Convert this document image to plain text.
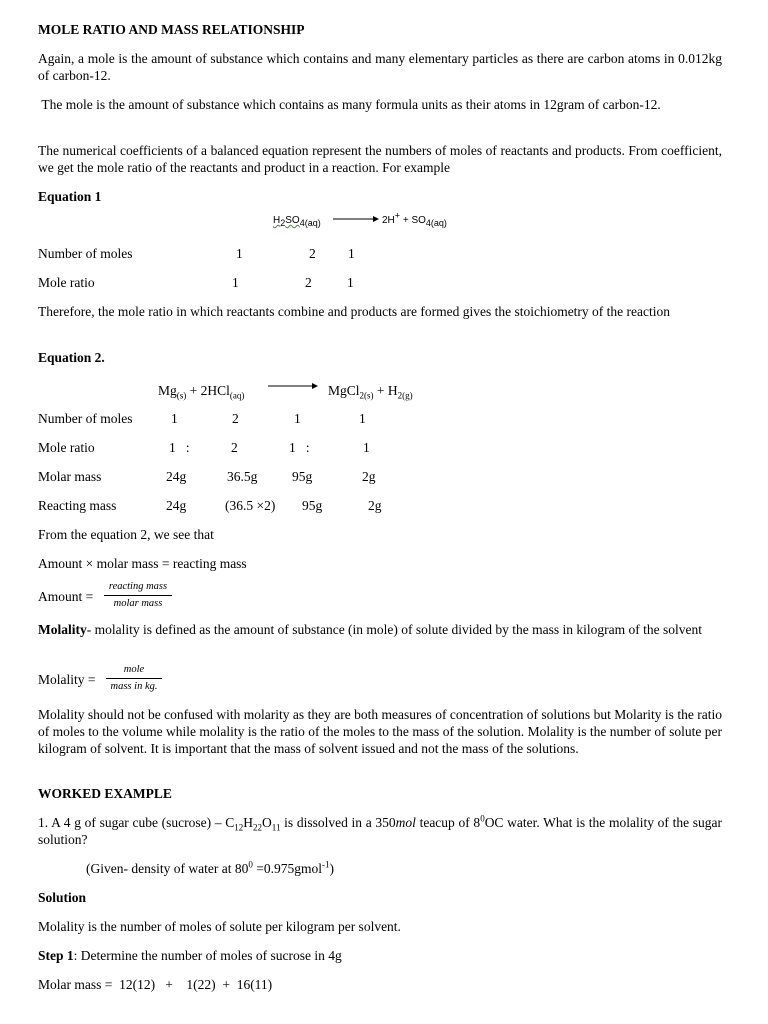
MOLE RATIO AND MASS RELATIONSHIP
Again, a mole is the amount of substance which contains and many elementary particles as there are carbon atoms in 0.012kg of carbon-12.
The mole is the amount of substance which contains as many formula units as their atoms in 12gram of carbon-12.
The numerical coefficients of a balanced equation represent the numbers of moles of reactants and products. From coefficient, we get the mole ratio of the reactants and product in a reaction. For example
Equation 1
$H_2SO_{4(aq)}$	$2H^+ + SO_{4(aq)}$
Number of moles	1	2 1
Mole ratio	1	2	1
Therefore, the mole ratio in which reactants combine and products are formed gives the stoichiometry of the reaction
Equation 2.
$Mg_{(s)} + 2HCl_{(aq)}$	MgCl$_{2(s)}$ + $H_{2(g)}$
Number of moles	1	2	1	1
Mole ratio	1   :	2	1   :	1
Molar mass	24g	36.5g	95g	2g
Reacting mass	24g	(36.5 ×2) 95g	2g
From the equation 2, we see that
Amount × molar mass = reacting mass
Amount =
reacting mass
molar mass
Molality- molality is defined as the amount of substance (in mole) of solute divided by the mass in kilogram of the solvent
Molality =
mole
mass in kg.
Molality should not be confused with molarity as they are both measures of concentration of solutions but Molarity is the ratio of moles to the volume while molality is the ratio of the moles to the mass of the solution. Molality is the number of solute per kilogram of solvent. It is important that the mass of solvent issued and not the mass of the solutions.
WORKED EXAMPLE
1. A 4 g of sugar cube (sucrose) – $C_{12}H_{22}O_{11}$ is dissolved in a 350mol teacup of $8^0OC$ water. What is the molality of the sugar solution?
(Given- density of water at $80^0$ =0.975gmol$^{-1}$)
Solution
Molality is the number of moles of solute per kilogram per solvent.
Step 1: Determine the number of moles of sucrose in 4g
Molar mass =  12(12)   +    1(22)  +  16(11)
